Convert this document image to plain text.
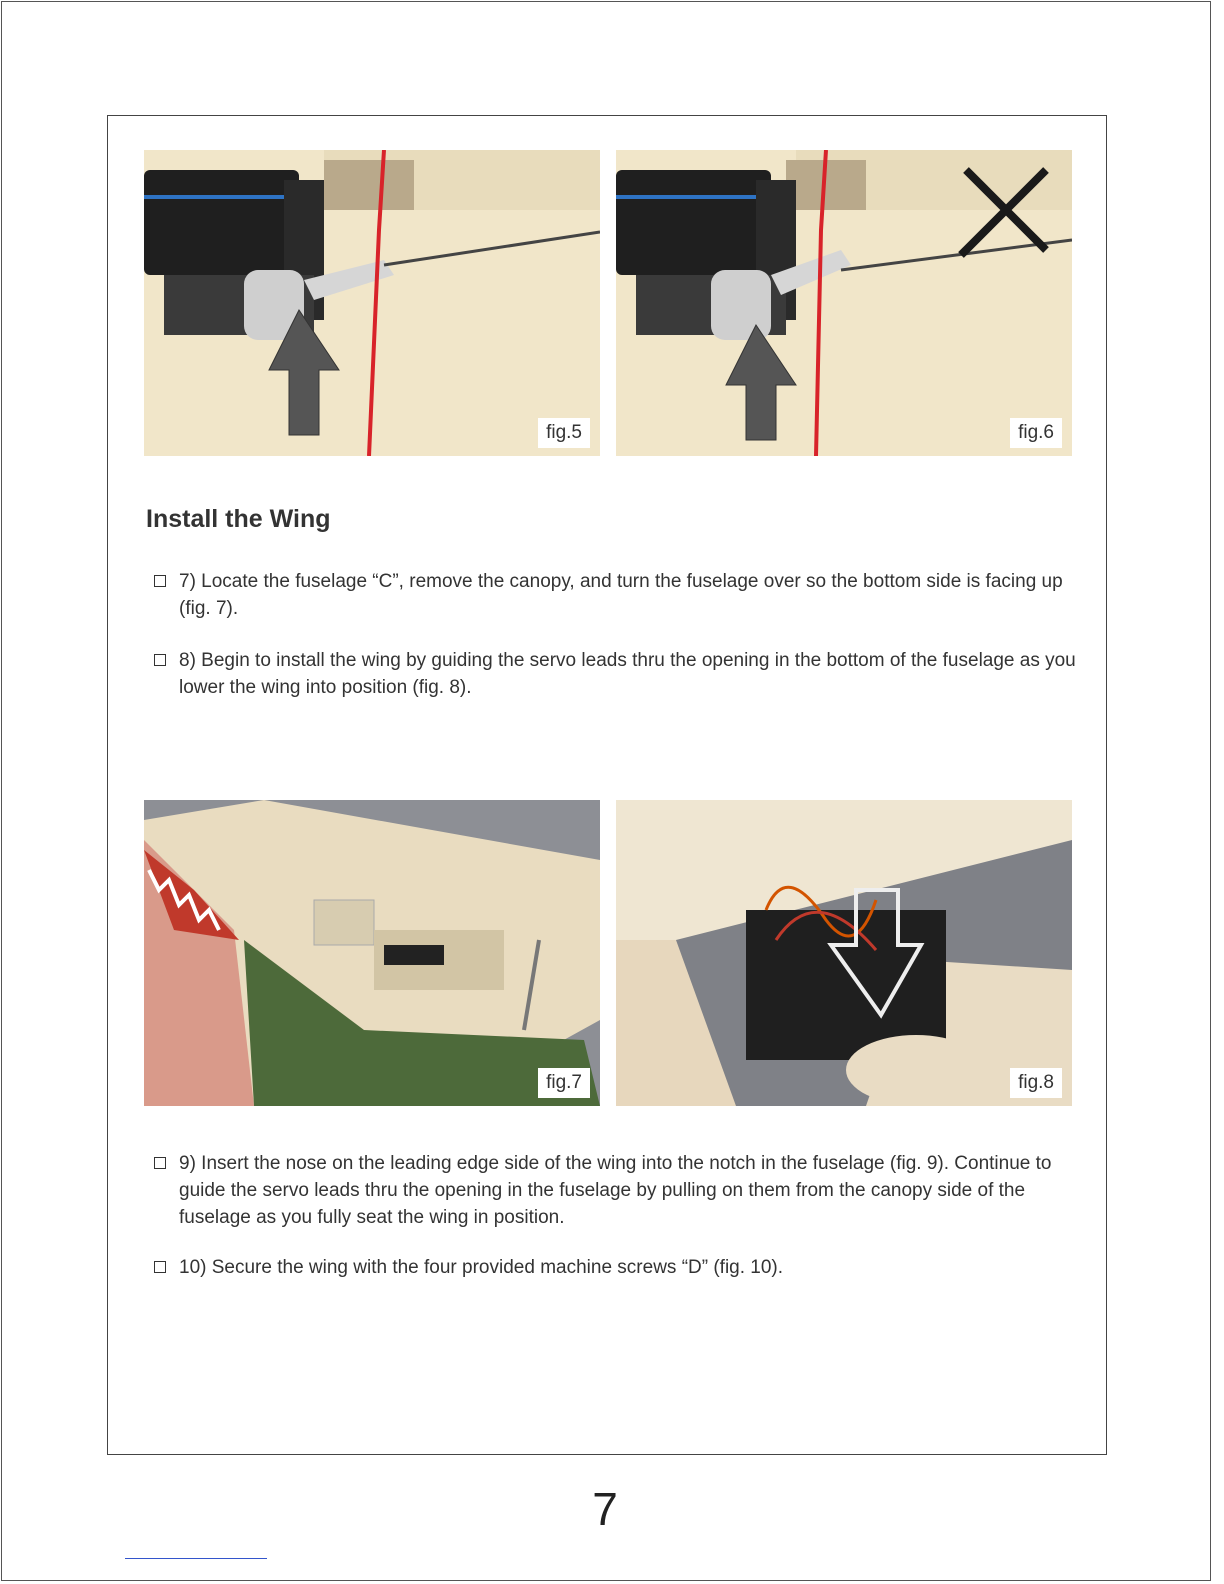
fig.5	fig.6
Install the Wing
7) Locate the fuselage “C”, remove the canopy, and turn the fuselage over so the bottom side is facing up (fig. 7).
8) Begin to install the wing by guiding the servo leads thru the opening in the bottom of the fuselage as you lower the wing into position (fig. 8).
fig.7	fig.8
9) Insert the nose on the leading edge side of the wing into the notch in the fuselage (fig. 9). Continue to guide the servo leads thru the opening in the fuselage by pulling on them from the canopy side of the fuselage as you fully seat the wing in position.
10) Secure the wing with the four provided machine screws “D” (fig. 10).
7
